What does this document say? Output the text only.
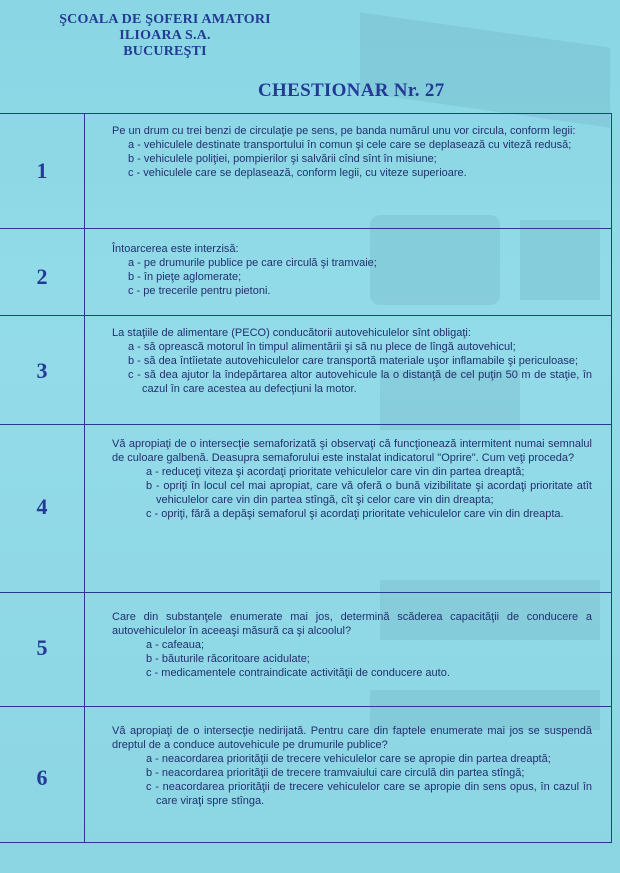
ŞCOALA DE ŞOFERI AMATORI
ILIOARA S.A.
BUCUREŞTI
CHESTIONAR Nr. 27
1

Pe un drum cu trei benzi de circulaţie pe sens, pe banda numărul unu vor circula, conform legii:

a - vehiculele destinate transportului în comun şi cele care se deplasează cu viteză redusă;

b - vehiculele poliţiei, pompierilor şi salvării cînd sînt în misiune;

c - vehiculele care se deplasează, conform legii, cu viteze superioare.

2

Întoarcerea este interzisă:

a - pe drumurile publice pe care circulă şi tramvaie;

b - în pieţe aglomerate;

c - pe trecerile pentru pietoni.

3

La staţiile de alimentare (PECO) conducătorii autovehiculelor sînt obligaţi:

a - să oprească motorul în timpul alimentării şi să nu plece de lîngă autovehicul;

b - să dea întîietate autovehiculelor care transportă materiale uşor inflamabile şi periculoase;

c - să dea ajutor la îndepărtarea altor autovehicule la o distanţă de cel puţin 50 m de staţie, în cazul în care acestea au defecţiuni la motor.

4

Vă apropiaţi de o intersecţie semaforizată şi observaţi că funcţionează intermitent numai semnalul de culoare galbenă. Deasupra semaforului este instalat indicatorul "Oprire". Cum veţi proceda?

a - reduceţi viteza şi acordaţi prioritate vehiculelor care vin din partea dreaptă;

b - opriţi în locul cel mai apropiat, care vă oferă o bună vizibilitate şi acordaţi prioritate atît vehiculelor care vin din partea stîngă, cît şi celor care vin din dreapta;

c - opriţi, fără a depăşi semaforul şi acordaţi prioritate vehiculelor care vin din dreapta.

5

Care din substanţele enumerate mai jos, determină scăderea capacităţii de conducere a autovehiculelor în aceeaşi măsură ca şi alcoolul?

a - cafeaua;

b - băuturile răcoritoare acidulate;

c - medicamentele contraindicate activităţii de conducere auto.

6

Vă apropiaţi de o intersecţie nedirijată. Pentru care din faptele enumerate mai jos se suspendă dreptul de a conduce autovehicule pe drumurile publice?

a - neacordarea priorităţii de trecere vehiculelor care se apropie din partea dreaptă;

b - neacordarea priorităţii de trecere tramvaiului care circulă din partea stîngă;

c - neacordarea priorităţii de trecere vehiculelor care se apropie din sens opus, în cazul în care viraţi spre stînga.
